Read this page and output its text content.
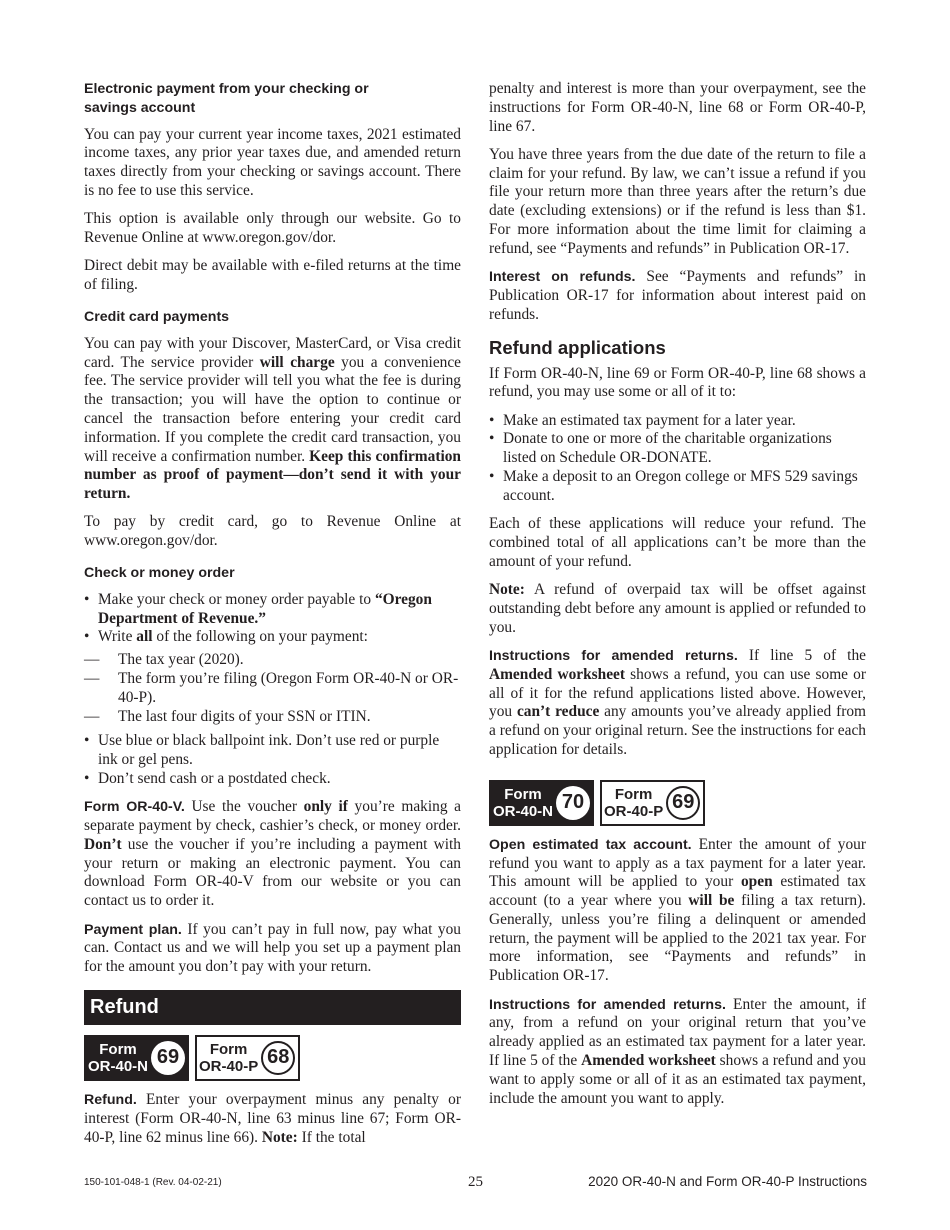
Electronic payment from your checking or
savings account

You can pay your current year income taxes, 2021 estimated income taxes, any prior year taxes due, and amended return taxes directly from your checking or savings account. There is no fee to use this service.

This option is available only through our website. Go to Revenue Online at www.oregon.gov/dor.

Direct debit may be available with e-filed returns at the time of filing.

Credit card payments

You can pay with your Discover, MasterCard, or Visa credit card. The service provider will charge you a convenience fee. The service provider will tell you what the fee is during the transaction; you will have the option to continue or cancel the transaction before entering your credit card information. If you complete the credit card transaction, you will receive a confirmation number. Keep this confirmation number as proof of payment—don’t send it with your return.

To pay by credit card, go to Revenue Online at www.oregon.gov/dor.

Check or money order
• Make your check or money order payable to “Oregon Department of Revenue.”
• Write all of the following on your payment:
— The tax year (2020).
— The form you’re filing (Oregon Form OR-40-N or OR-40-P).
— The last four digits of your SSN or ITIN.
• Use blue or black ballpoint ink. Don’t use red or purple ink or gel pens.
• Don’t send cash or a postdated check.

Form OR-40-V. Use the voucher only if you’re making a separate payment by check, cashier’s check, or money order. Don’t use the voucher if you’re including a payment with your return or making an electronic payment. You can download Form OR-40-V from our website or you can contact us to order it.

Payment plan. If you can’t pay in full now, pay what you can. Contact us and we will help you set up a payment plan for the amount you don’t pay with your return.

Refund
Form
OR-40-N 69	Form
OR-40-P 68

Refund. Enter your overpayment minus any penalty or interest (Form OR-40-N, line 63 minus line 67; Form OR-40-P, line 62 minus line 66). Note: If the total

penalty and interest is more than your overpayment, see the instructions for Form OR-40-N, line 68 or Form OR-40-P, line 67.

You have three years from the due date of the return to file a claim for your refund. By law, we can’t issue a refund if you file your return more than three years after the return’s due date (excluding extensions) or if the refund is less than $1. For more information about the time limit for claiming a refund, see “Payments and refunds” in Publication OR-17.

Interest on refunds. See “Payments and refunds” in Publication OR-17 for information about interest paid on refunds.

Refund applications

If Form OR-40-N, line 69 or Form OR-40-P, line 68 shows a refund, you may use some or all of it to:

• Make an estimated tax payment for a later year.
• Donate to one or more of the charitable organizations listed on Schedule OR-DONATE.
• Make a deposit to an Oregon college or MFS 529 savings account.

Each of these applications will reduce your refund. The combined total of all applications can’t be more than the amount of your refund.

Note: A refund of overpaid tax will be offset against outstanding debt before any amount is applied or refunded to you.

Instructions for amended returns. If line 5 of the Amended worksheet shows a refund, you can use some or all of it for the refund applications listed above. However, you can’t reduce any amounts you’ve already applied from a refund on your original return. See the instructions for each application for details.

Form
OR-40-N 70	Form
OR-40-P 69

Open estimated tax account. Enter the amount of your refund you want to apply as a tax payment for a later year. This amount will be applied to your open estimated tax account (to a year where you will be filing a tax return). Generally, unless you’re filing a delinquent or amended return, the payment will be applied to the 2021 tax year. For more information, see “Payments and refunds” in Publication OR-17.

Instructions for amended returns. Enter the amount, if any, from a refund on your original return that you’ve already applied as an estimated tax payment for a later year. If line 5 of the Amended worksheet shows a refund and you want to apply some or all of it as an estimated tax payment, include the amount you want to apply.

150-101-048-1 (Rev. 04-02-21)	25	2020 OR-40-N and Form OR-40-P Instructions
